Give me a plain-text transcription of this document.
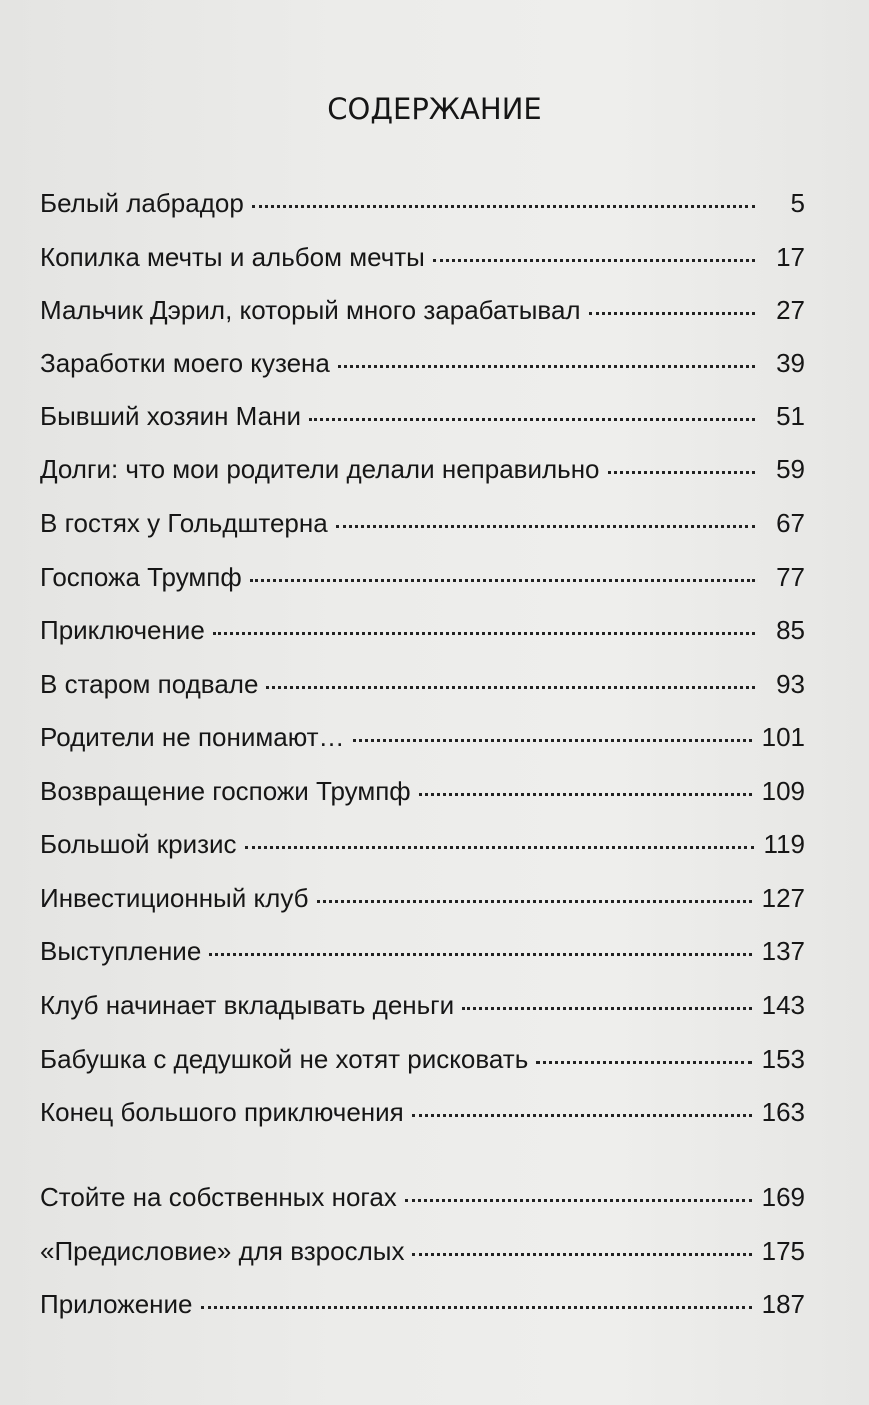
СОДЕРЖАНИЕ
Белый лабрадор	5
Копилка мечты и альбом мечты	17
Мальчик Дэрил, который много зарабатывал	27
Заработки моего кузена	39
Бывший хозяин Мани	51
Долги: что мои родители делали неправильно	59
В гостях у Гольдштерна	67
Госпожа Трумпф	77
Приключение	85
В старом подвале	93
Родители не понимают…	101
Возвращение госпожи Трумпф	109
Большой кризис	119
Инвестиционный клуб	127
Выступление	137
Клуб начинает вкладывать деньги	143
Бабушка с дедушкой не хотят рисковать	153
Конец большого приключения	163
Стойте на собственных ногах	169
«Предисловие» для взрослых	175
Приложение	187
